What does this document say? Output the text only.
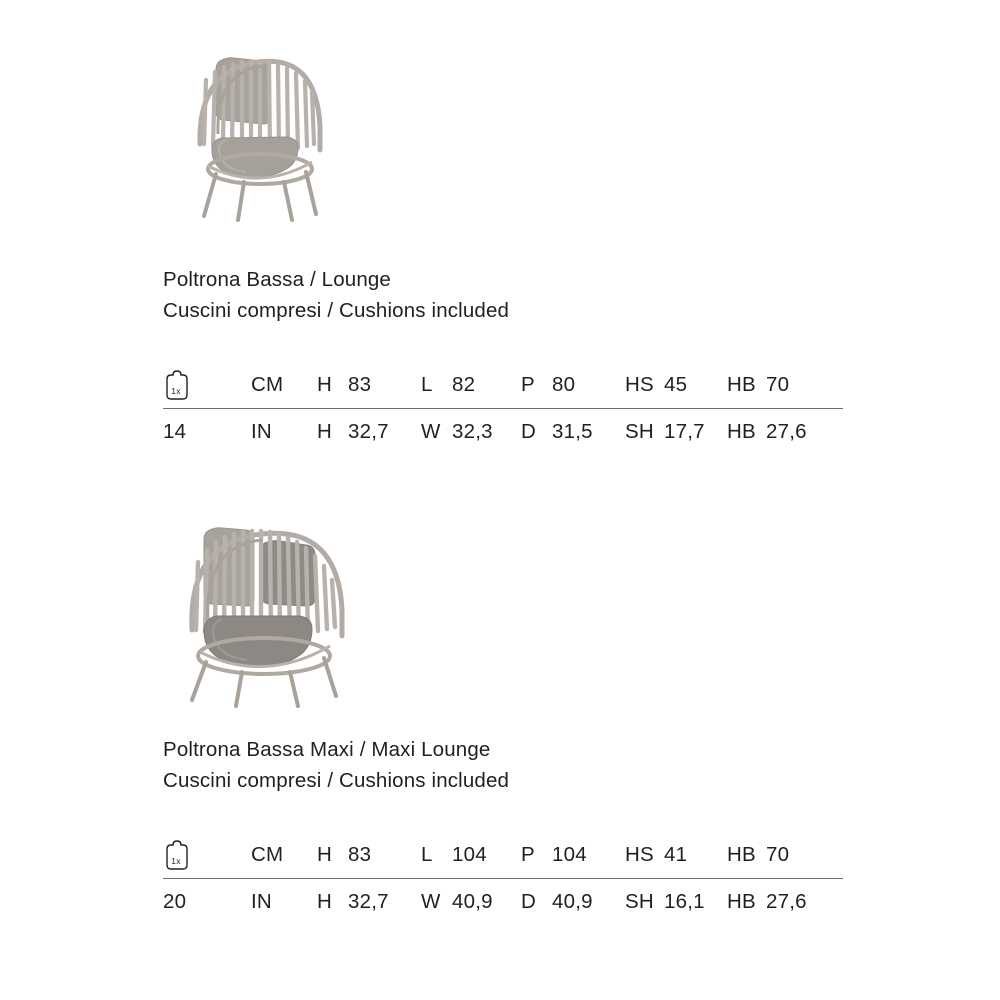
Poltrona Bassa / Lounge
Cuscini compresi / Cushions included
1x	CM H 83 L 82 P 80 HS 45 HB 70
14	IN H 32,7 W 32,3 D 31,5 SH 17,7 HB 27,6
Poltrona Bassa Maxi / Maxi Lounge
Cuscini compresi / Cushions included
1x	CM H 83 L 104 P 104 HS 41 HB 70
20	IN H 32,7 W 40,9 D 40,9 SH 16,1 HB 27,6
